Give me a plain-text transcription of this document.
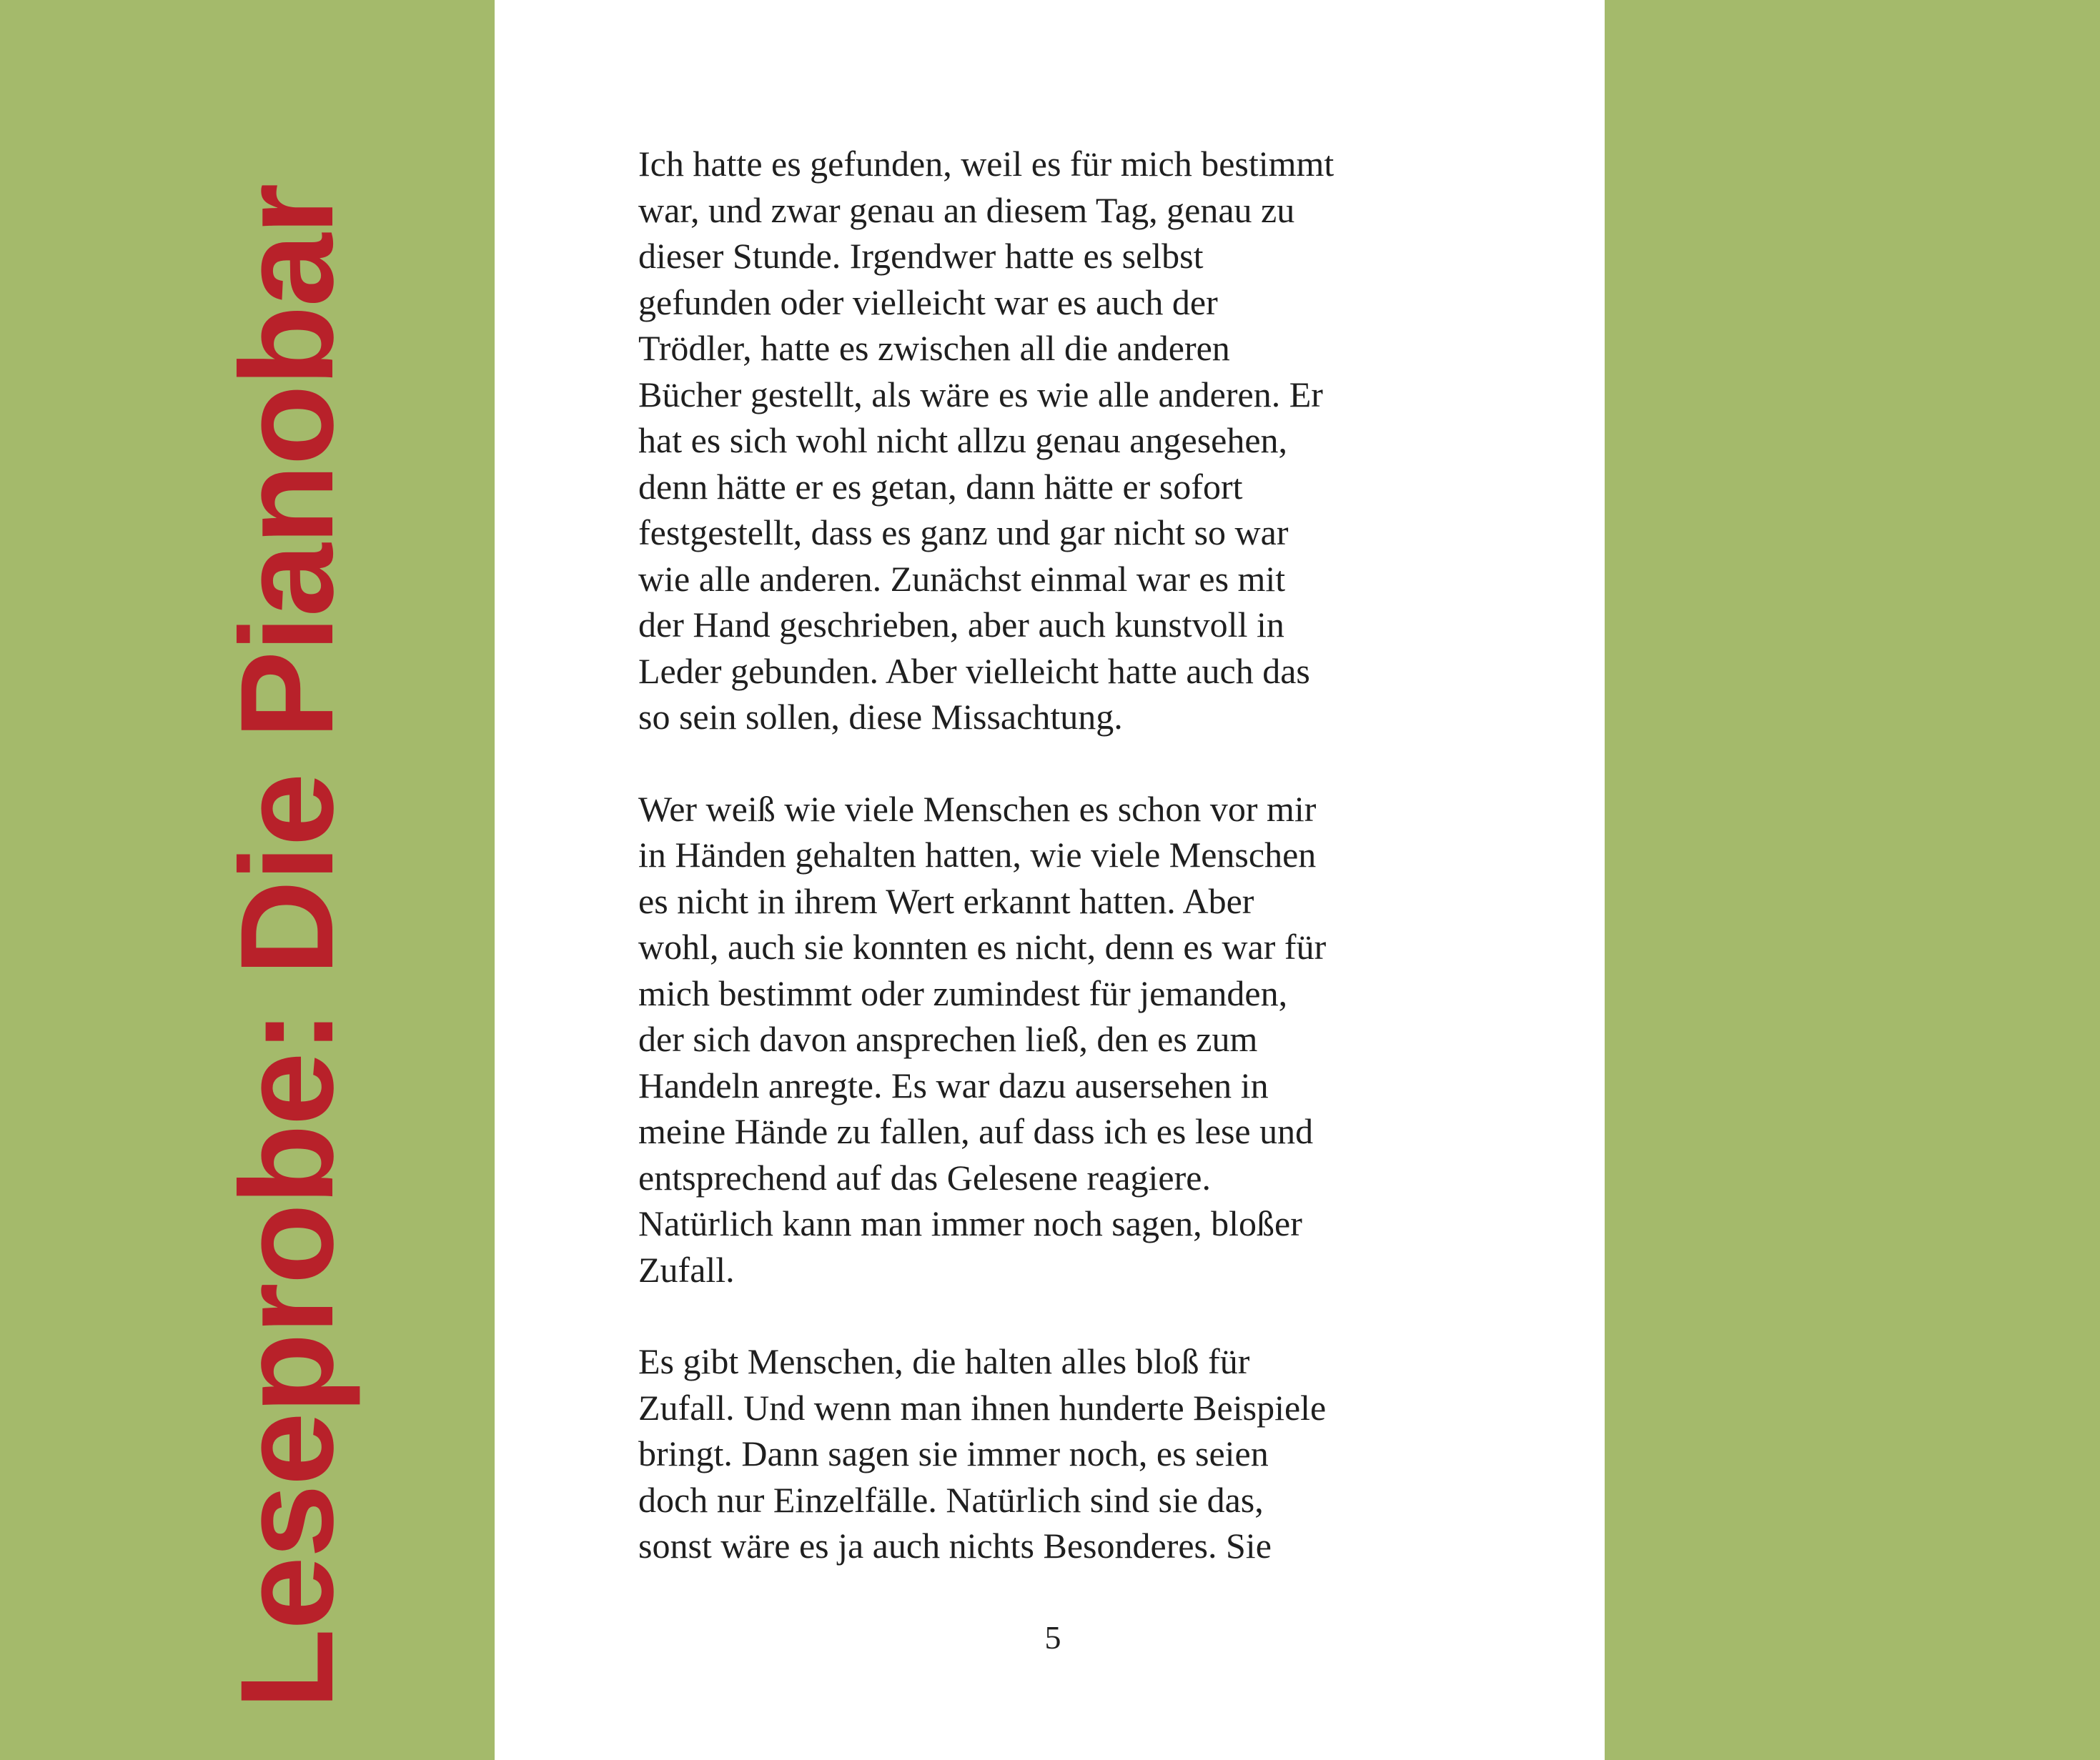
Leseprobe: Die Pianobar

Ich hatte es gefunden, weil es für mich bestimmt
war, und zwar genau an diesem Tag, genau zu
dieser Stunde. Irgendwer hatte es selbst
gefunden oder vielleicht war es auch der
Trödler, hatte es zwischen all die anderen
Bücher gestellt, als wäre es wie alle anderen. Er
hat es sich wohl nicht allzu genau angesehen,
denn hätte er es getan, dann hätte er sofort
festgestellt, dass es ganz und gar nicht so war
wie alle anderen. Zunächst einmal war es mit
der Hand geschrieben, aber auch kunstvoll in
Leder gebunden. Aber vielleicht hatte auch das
so sein sollen, diese Missachtung.

Wer weiß wie viele Menschen es schon vor mir
in Händen gehalten hatten, wie viele Menschen
es nicht in ihrem Wert erkannt hatten. Aber
wohl, auch sie konnten es nicht, denn es war für
mich bestimmt oder zumindest für jemanden,
der sich davon ansprechen ließ, den es zum
Handeln anregte. Es war dazu ausersehen in
meine Hände zu fallen, auf dass ich es lese und
entsprechend auf das Gelesene reagiere.
Natürlich kann man immer noch sagen, bloßer
Zufall.

Es gibt Menschen, die halten alles bloß für
Zufall. Und wenn man ihnen hunderte Beispiele
bringt. Dann sagen sie immer noch, es seien
doch nur Einzelfälle. Natürlich sind sie das,
sonst wäre es ja auch nichts Besonderes. Sie

5
